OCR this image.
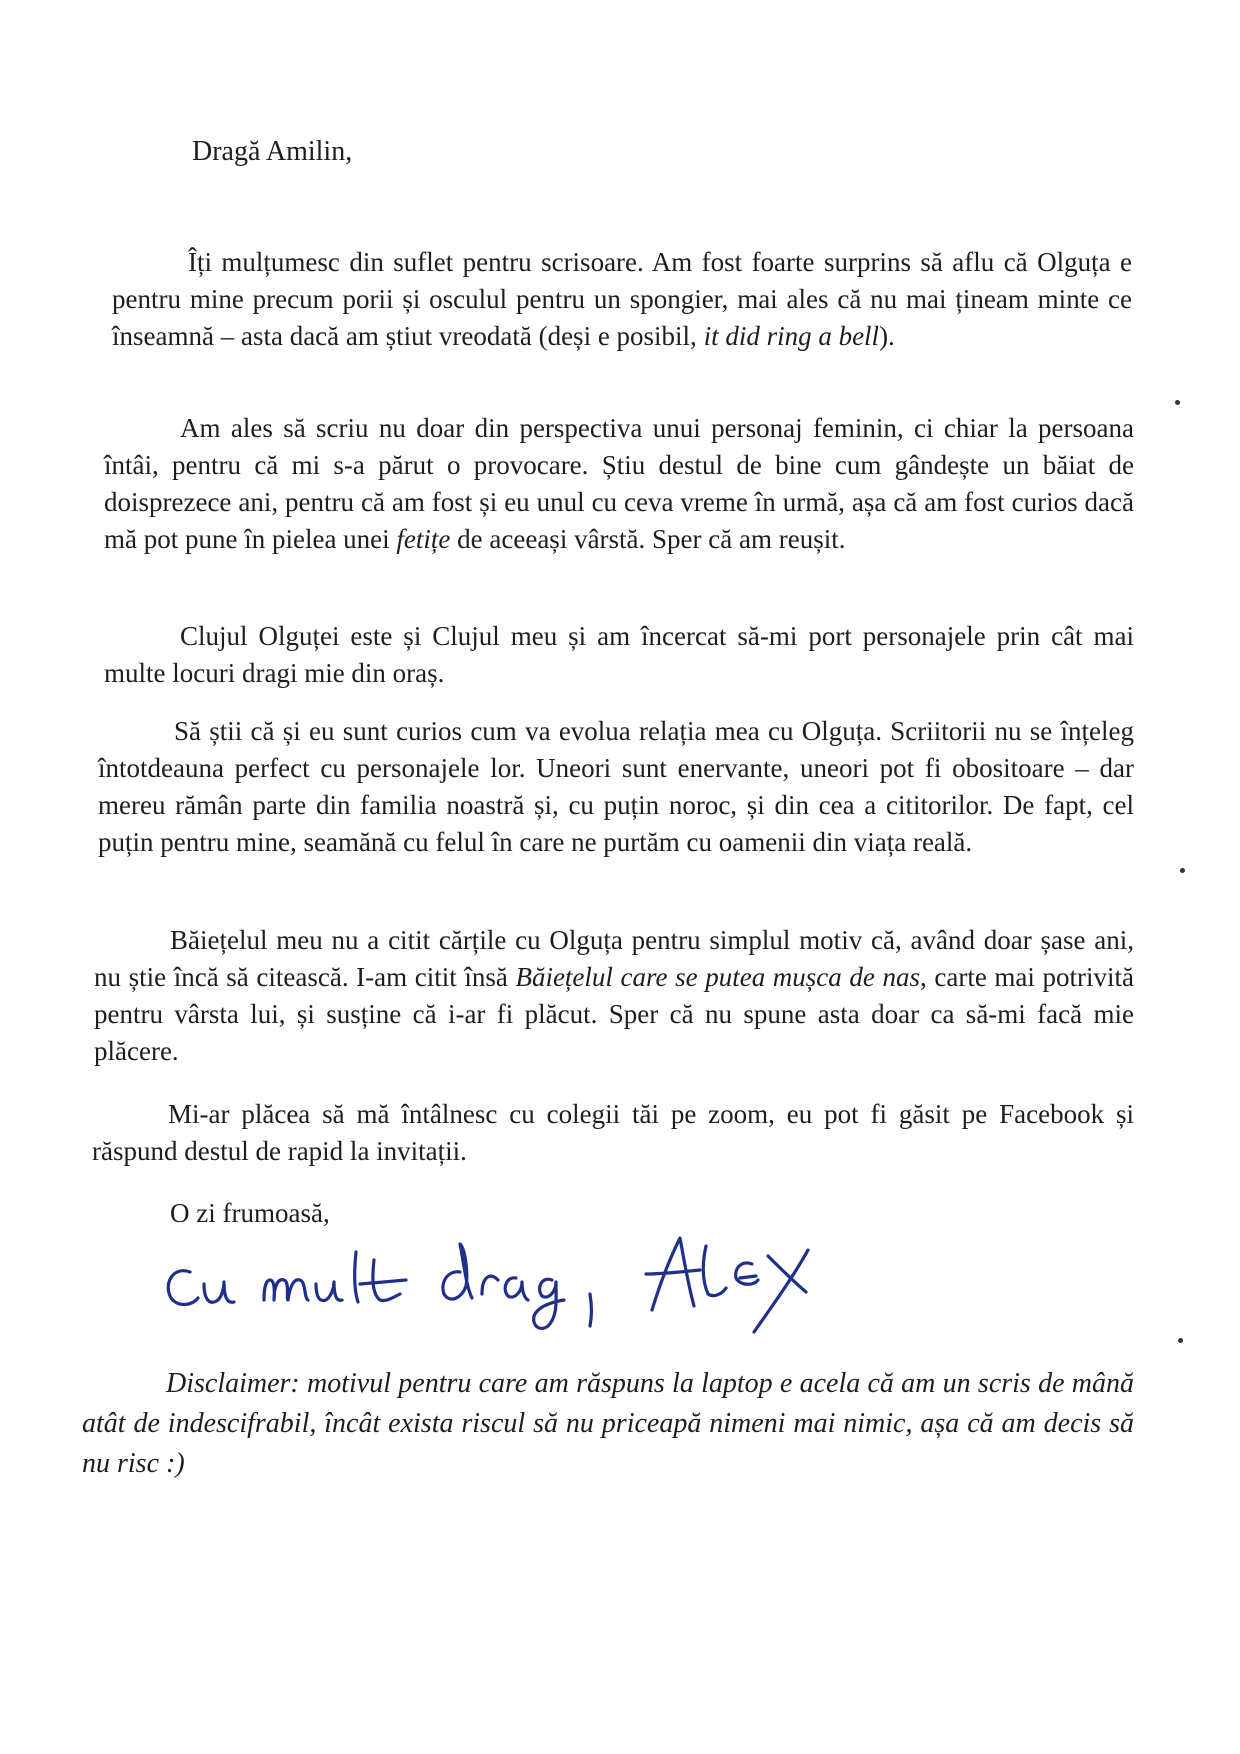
Dragă Amilin,

Îți mulțumesc din suflet pentru scrisoare. Am fost foarte surprins să aflu că Olguța e pentru mine precum porii și osculul pentru un spongier, mai ales că nu mai țineam minte ce înseamnă – asta dacă am știut vreodată (deși e posibil, it did ring a bell).

Am ales să scriu nu doar din perspectiva unui personaj feminin, ci chiar la persoana întâi, pentru că mi s-a părut o provocare. Știu destul de bine cum gândește un băiat de doisprezece ani, pentru că am fost și eu unul cu ceva vreme în urmă, așa că am fost curios dacă mă pot pune în pielea unei fetițe de aceeași vârstă. Sper că am reușit.

Clujul Olguței este și Clujul meu și am încercat să-mi port personajele prin cât mai multe locuri dragi mie din oraș.

Să știi că și eu sunt curios cum va evolua relația mea cu Olguța. Scriitorii nu se înțeleg întotdeauna perfect cu personajele lor. Uneori sunt enervante, uneori pot fi obositoare – dar mereu rămân parte din familia noastră și, cu puțin noroc, și din cea a cititorilor. De fapt, cel puțin pentru mine, seamănă cu felul în care ne purtăm cu oamenii din viața reală.

Băiețelul meu nu a citit cărțile cu Olguța pentru simplul motiv că, având doar șase ani, nu știe încă să citească. I-am citit însă Băiețelul care se putea mușca de nas, carte mai potrivită pentru vârsta lui, și susține că i-ar fi plăcut. Sper că nu spune asta doar ca să-mi facă mie plăcere.

Mi-ar plăcea să mă întâlnesc cu colegii tăi pe zoom, eu pot fi găsit pe Facebook și răspund destul de rapid la invitații.

O zi frumoasă,

Disclaimer: motivul pentru care am răspuns la laptop e acela că am un scris de mână atât de indescifrabil, încât exista riscul să nu priceapă nimeni mai nimic, așa că am decis să nu risc :)
